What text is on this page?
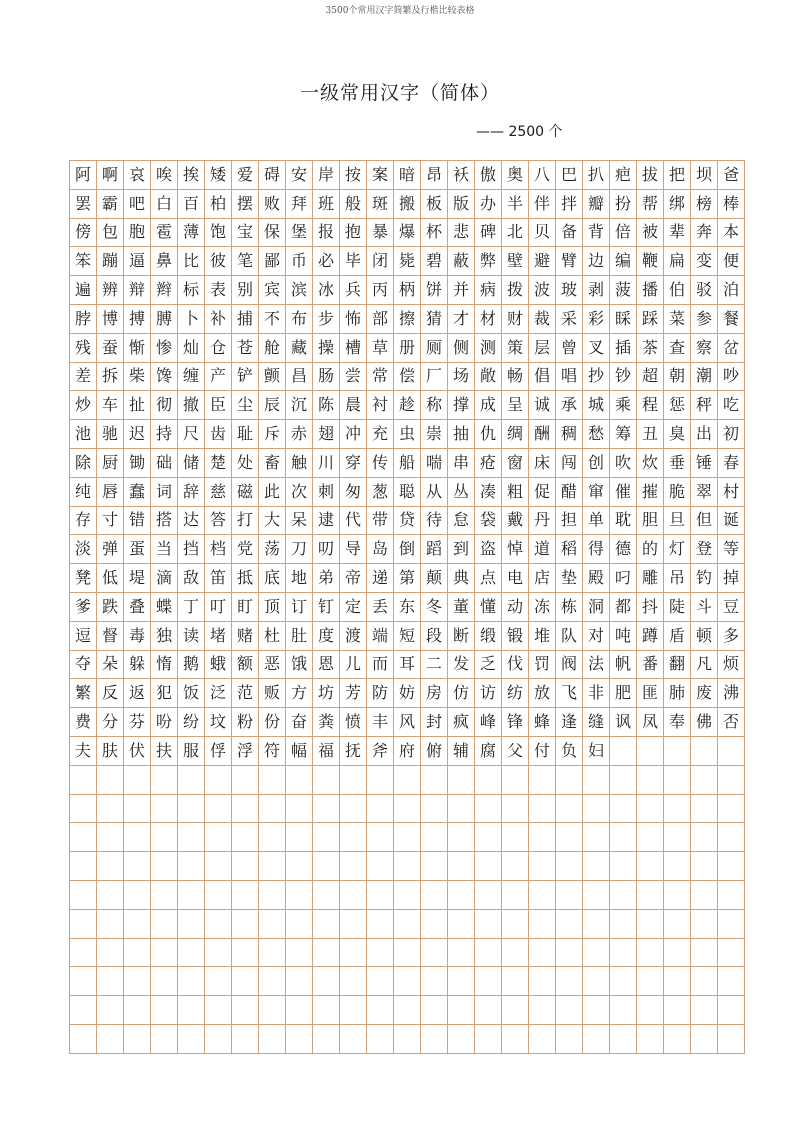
3500个常用汉字简繁及行楷比较表格
一级常用汉字（简体）
—— 2500 个
阿 啊 哀 唉 挨 矮 爱 碍 安 岸 按 案 暗 昂 袄 傲 奥 八 巴 扒 疤 拔 把 坝 爸
罢 霸 吧 白 百 柏 摆 败 拜 班 般 斑 搬 板 版 办 半 伴 拌 瓣 扮 帮 绑 榜 棒
傍 包 胞 雹 薄 饱 宝 保 堡 报 抱 暴 爆 杯 悲 碑 北 贝 备 背 倍 被 辈 奔 本
笨 蹦 逼 鼻 比 彼 笔 鄙 币 必 毕 闭 毙 碧 蔽 弊 壁 避 臂 边 编 鞭 扁 变 便
遍 辨 辩 辫 标 表 别 宾 滨 冰 兵 丙 柄 饼 并 病 拨 波 玻 剥 菠 播 伯 驳 泊
脖 博 搏 膊 卜 补 捕 不 布 步 怖 部 擦 猜 才 材 财 裁 采 彩 睬 踩 菜 参 餐
残 蚕 惭 惨 灿 仓 苍 舱 藏 操 槽 草 册 厕 侧 测 策 层 曾 叉 插 茶 查 察 岔
差 拆 柴 馋 缠 产 铲 颤 昌 肠 尝 常 偿 厂 场 敞 畅 倡 唱 抄 钞 超 朝 潮 吵
炒 车 扯 彻 撤 臣 尘 辰 沉 陈 晨 衬 趁 称 撑 成 呈 诚 承 城 乘 程 惩 秤 吃
池 驰 迟 持 尺 齿 耻 斥 赤 翅 冲 充 虫 崇 抽 仇 绸 酬 稠 愁 筹 丑 臭 出 初
除 厨 锄 础 储 楚 处 畜 触 川 穿 传 船 喘 串 疮 窗 床 闯 创 吹 炊 垂 锤 春
纯 唇 蠢 词 辞 慈 磁 此 次 刺 匆 葱 聪 从 丛 凑 粗 促 醋 窜 催 摧 脆 翠 村
存 寸 错 搭 达 答 打 大 呆 逮 代 带 贷 待 怠 袋 戴 丹 担 单 耽 胆 旦 但 诞
淡 弹 蛋 当 挡 档 党 荡 刀 叨 导 岛 倒 蹈 到 盗 悼 道 稻 得 德 的 灯 登 等
凳 低 堤 滴 敌 笛 抵 底 地 弟 帝 递 第 颠 典 点 电 店 垫 殿 叼 雕 吊 钓 掉
爹 跌 叠 蝶 丁 叮 盯 顶 订 钉 定 丢 东 冬 董 懂 动 冻 栋 洞 都 抖 陡 斗 豆
逗 督 毒 独 读 堵 赌 杜 肚 度 渡 端 短 段 断 缎 锻 堆 队 对 吨 蹲 盾 顿 多
夺 朵 躲 惰 鹅 蛾 额 恶 饿 恩 儿 而 耳 二 发 乏 伐 罚 阀 法 帆 番 翻 凡 烦
繁 反 返 犯 饭 泛 范 贩 方 坊 芳 防 妨 房 仿 访 纺 放 飞 非 肥 匪 肺 废 沸
费 分 芬 吩 纷 坟 粉 份 奋 粪 愤 丰 风 封 疯 峰 锋 蜂 逢 缝 讽 凤 奉 佛 否
夫 肤 伏 扶 服 俘 浮 符 幅 福 抚 斧 府 俯 辅 腐 父 付 负 妇
